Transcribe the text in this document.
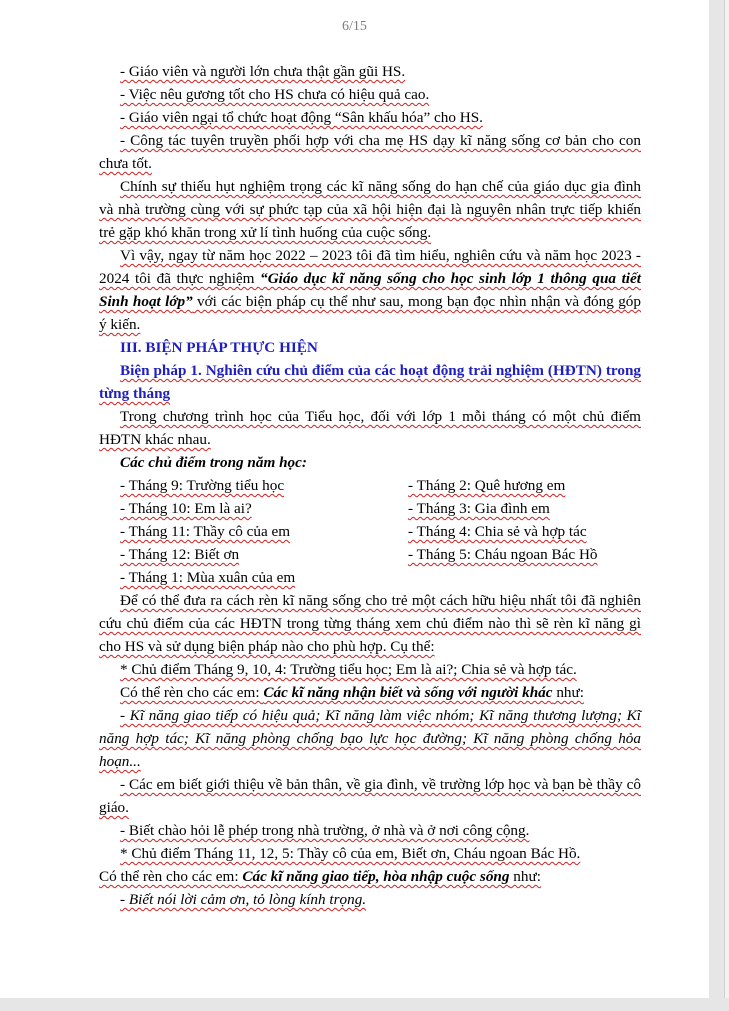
6/15

- Giáo viên và người lớn chưa thật gần gũi HS.

- Việc nêu gương tốt cho HS chưa có hiệu quả cao.

- Giáo viên ngại tổ chức hoạt động “Sân khấu hóa” cho HS.

- Công tác tuyên truyền phối hợp với cha mẹ HS dạy kĩ năng sống cơ bản cho con chưa tốt.

Chính sự thiếu hụt nghiệm trọng các kĩ năng sống do hạn chế của giáo dục gia đình và nhà trường cùng với sự phức tạp của xã hội hiện đại là nguyên nhân trực tiếp khiến trẻ gặp khó khăn trong xử lí tình huống của cuộc sống.

Vì vậy, ngay từ năm học 2022 – 2023 tôi đã tìm hiểu, nghiên cứu và năm học 2023 - 2024 tôi đã thực nghiệm “Giáo dục kĩ năng sống cho học sinh lớp 1 thông qua tiết Sinh hoạt lớp” với các biện pháp cụ thể như sau, mong bạn đọc nhìn nhận và đóng góp ý kiến.

III. BIỆN PHÁP THỰC HIỆN

Biện pháp 1. Nghiên cứu chủ điểm của các hoạt động trải nghiệm (HĐTN) trong từng tháng

Trong chương trình học của Tiểu học, đối với lớp 1 mỗi tháng có một chủ điểm HĐTN khác nhau.

Các chủ điểm trong năm học:

- Tháng 9: Trường tiểu học	- Tháng 2: Quê hương em
- Tháng 10: Em là ai?	- Tháng 3: Gia đình em
- Tháng 11: Thầy cô của em	- Tháng 4: Chia sẻ và hợp tác
- Tháng 12: Biết ơn	- Tháng 5: Cháu ngoan Bác Hồ
- Tháng 1: Mùa xuân của em

Để có thể đưa ra cách rèn kĩ năng sống cho trẻ một cách hữu hiệu nhất tôi đã nghiên cứu chủ điểm của các HĐTN trong từng tháng xem chủ điểm nào thì sẽ rèn kĩ năng gì cho HS và sử dụng biện pháp nào cho phù hợp. Cụ thể:

* Chủ điểm Tháng 9, 10, 4: Trường tiểu học; Em là ai?; Chia sẻ và hợp tác.

Có thể rèn cho các em: Các kĩ năng nhận biết và sống với người khác như:

- Kĩ năng giao tiếp có hiệu quả; Kĩ năng làm việc nhóm; Kĩ năng thương lượng; Kĩ năng hợp tác; Kĩ năng phòng chống bạo lực học đường; Kĩ năng phòng chống hỏa hoạn...

- Các em biết giới thiệu về bản thân, về gia đình, về trường lớp học và bạn bè thầy cô giáo.

- Biết chào hỏi lễ phép trong nhà trường, ở nhà và ở nơi công cộng.

* Chủ điểm Tháng 11, 12, 5: Thầy cô của em, Biết ơn, Cháu ngoan Bác Hồ.

Có thể rèn cho các em: Các kĩ năng giao tiếp, hòa nhập cuộc sống như:

- Biết nói lời cảm ơn, tỏ lòng kính trọng.
